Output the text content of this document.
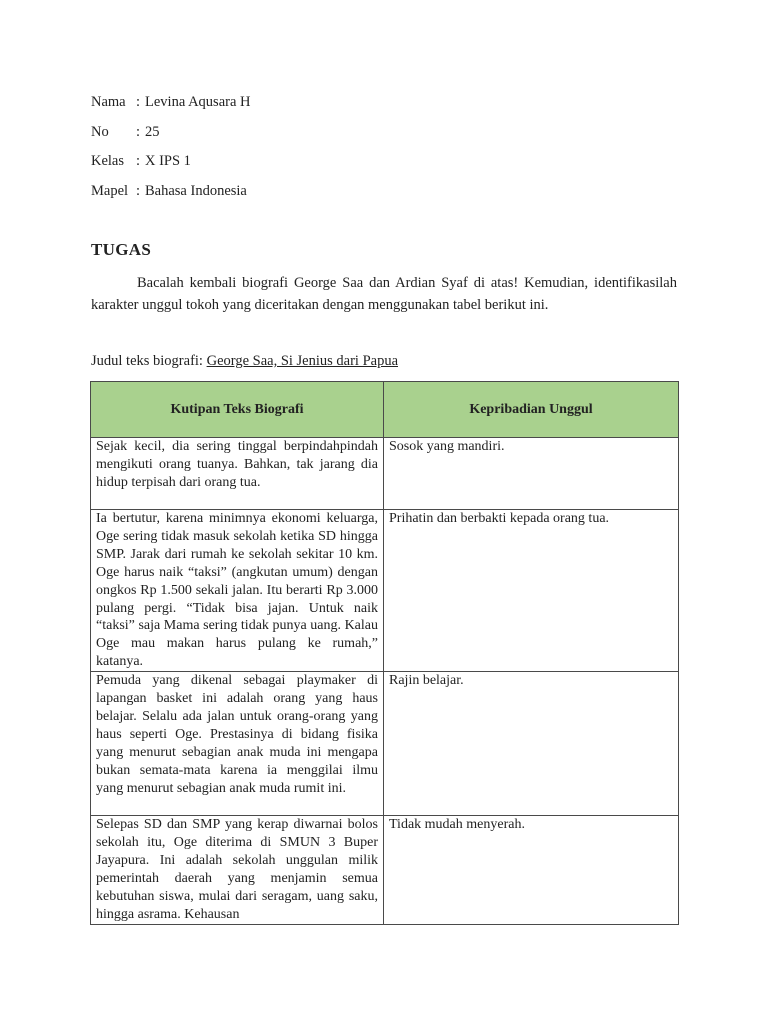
Nama : Levina Aqusara H
No : 25
Kelas : X IPS 1
Mapel : Bahasa Indonesia
TUGAS

Bacalah kembali biografi George Saa dan Ardian Syaf di atas! Kemudian, identifikasilah karakter unggul tokoh yang diceritakan dengan menggunakan tabel berikut ini.

Judul teks biografi: George Saa, Si Jenius dari Papua
Kutipan Teks Biografi	Kepribadian Unggul
Sejak kecil, dia sering tinggal berpindahpindah mengikuti orang tuanya. Bahkan, tak jarang dia hidup terpisah dari orang tua.	Sosok yang mandiri.
Ia bertutur, karena minimnya ekonomi keluarga, Oge sering tidak masuk sekolah ketika SD hingga SMP. Jarak dari rumah ke sekolah sekitar 10 km. Oge harus naik “taksi” (angkutan umum) dengan ongkos Rp 1.500 sekali jalan. Itu berarti Rp 3.000 pulang pergi. “Tidak bisa jajan. Untuk naik “taksi” saja Mama sering tidak punya uang. Kalau Oge mau makan harus pulang ke rumah,” katanya.	Prihatin dan berbakti kepada orang tua.
Pemuda yang dikenal sebagai playmaker di lapangan basket ini adalah orang yang haus belajar. Selalu ada jalan untuk orang-orang yang haus seperti Oge. Prestasinya di bidang fisika yang menurut sebagian anak muda ini mengapa bukan semata-mata karena ia menggilai ilmu yang menurut sebagian anak muda rumit ini.	Rajin belajar.

Selepas SD dan SMP yang kerap diwarnai bolos sekolah itu, Oge diterima di SMUN 3 Buper Jayapura. Ini adalah sekolah unggulan milik pemerintah daerah yang menjamin semua kebutuhan siswa, mulai dari seragam, uang saku, hingga asrama. Kehausan	Tidak mudah menyerah.
